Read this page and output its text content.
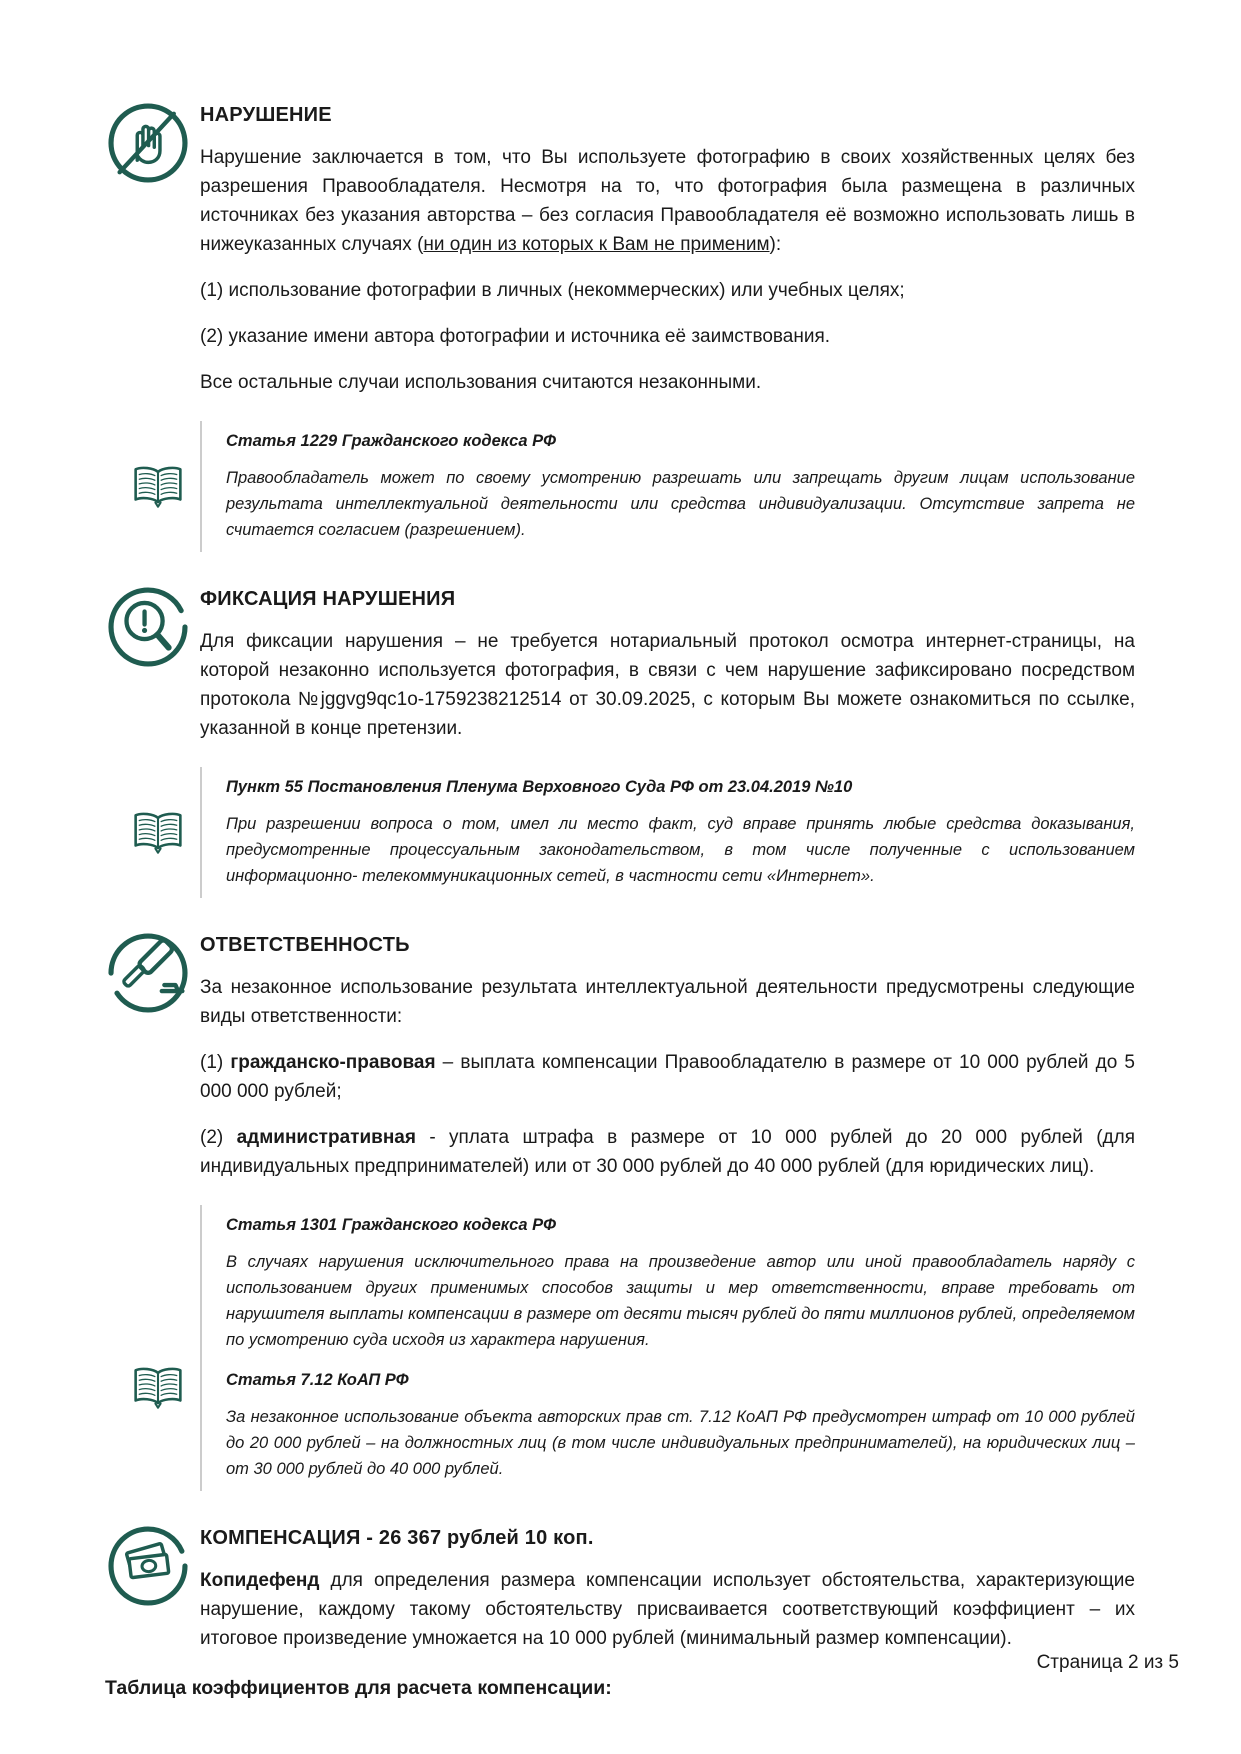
НАРУШЕНИЕ

Нарушение заключается в том, что Вы используете фотографию в своих хозяйственных целях без разрешения Правообладателя. Несмотря на то, что фотография была размещена в различных источниках без указания авторства – без согласия Правообладателя её возможно использовать лишь в нижеуказанных случаях (ни один из которых к Вам не применим):

(1) использование фотографии в личных (некоммерческих) или учебных целях;

(2) указание имени автора фотографии и источника её заимствования.

Все остальные случаи использования считаются незаконными.

Статья 1229 Гражданского кодекса РФ

Правообладатель может по своему усмотрению разрешать или запрещать другим лицам использование результата интеллектуальной деятельности или средства индивидуализации. Отсутствие запрета не считается согласием (разрешением).

ФИКСАЦИЯ НАРУШЕНИЯ

Для фиксации нарушения – не требуется нотариальный протокол осмотра интернет-страницы, на которой незаконно используется фотография, в связи с чем нарушение зафиксировано посредством протокола №jggvg9qc1o-1759238212514 от 30.09.2025, с которым Вы можете ознакомиться по ссылке, указанной в конце претензии.

Пункт 55 Постановления Пленума Верховного Суда РФ от 23.04.2019 №10

При разрешении вопроса о том, имел ли место факт, суд вправе принять любые средства доказывания, предусмотренные процессуальным законодательством, в том числе полученные с использованием информационно- телекоммуникационных сетей, в частности сети «Интернет».

ОТВЕТСТВЕННОСТЬ

За незаконное использование результата интеллектуальной деятельности предусмотрены следующие виды ответственности:

(1) гражданско-правовая – выплата компенсации Правообладателю в размере от 10 000 рублей до 5 000 000 рублей;

(2) административная - уплата штрафа в размере от 10 000 рублей до 20 000 рублей (для индивидуальных предпринимателей) или от 30 000 рублей до 40 000 рублей (для юридических лиц).

Статья 1301 Гражданского кодекса РФ

В случаях нарушения исключительного права на произведение автор или иной правообладатель наряду с использованием других применимых способов защиты и мер ответственности, вправе требовать от нарушителя выплаты компенсации в размере от десяти тысяч рублей до пяти миллионов рублей, определяемом по усмотрению суда исходя из характера нарушения.

Статья 7.12 КоАП РФ

За незаконное использование объекта авторских прав ст. 7.12 КоАП РФ предусмотрен штраф от 10 000 рублей до 20 000 рублей – на должностных лиц (в том числе индивидуальных предпринимателей), на юридических лиц – от 30 000 рублей до 40 000 рублей.

КОМПЕНСАЦИЯ - 26 367 рублей 10 коп.

Копидефенд для определения размера компенсации использует обстоятельства, характеризующие нарушение, каждому такому обстоятельству присваивается соответствующий коэффициент – их итоговое произведение умножается на 10 000 рублей (минимальный размер компенсации).

Таблица коэффициентов для расчета компенсации:

Страница 2 из 5
